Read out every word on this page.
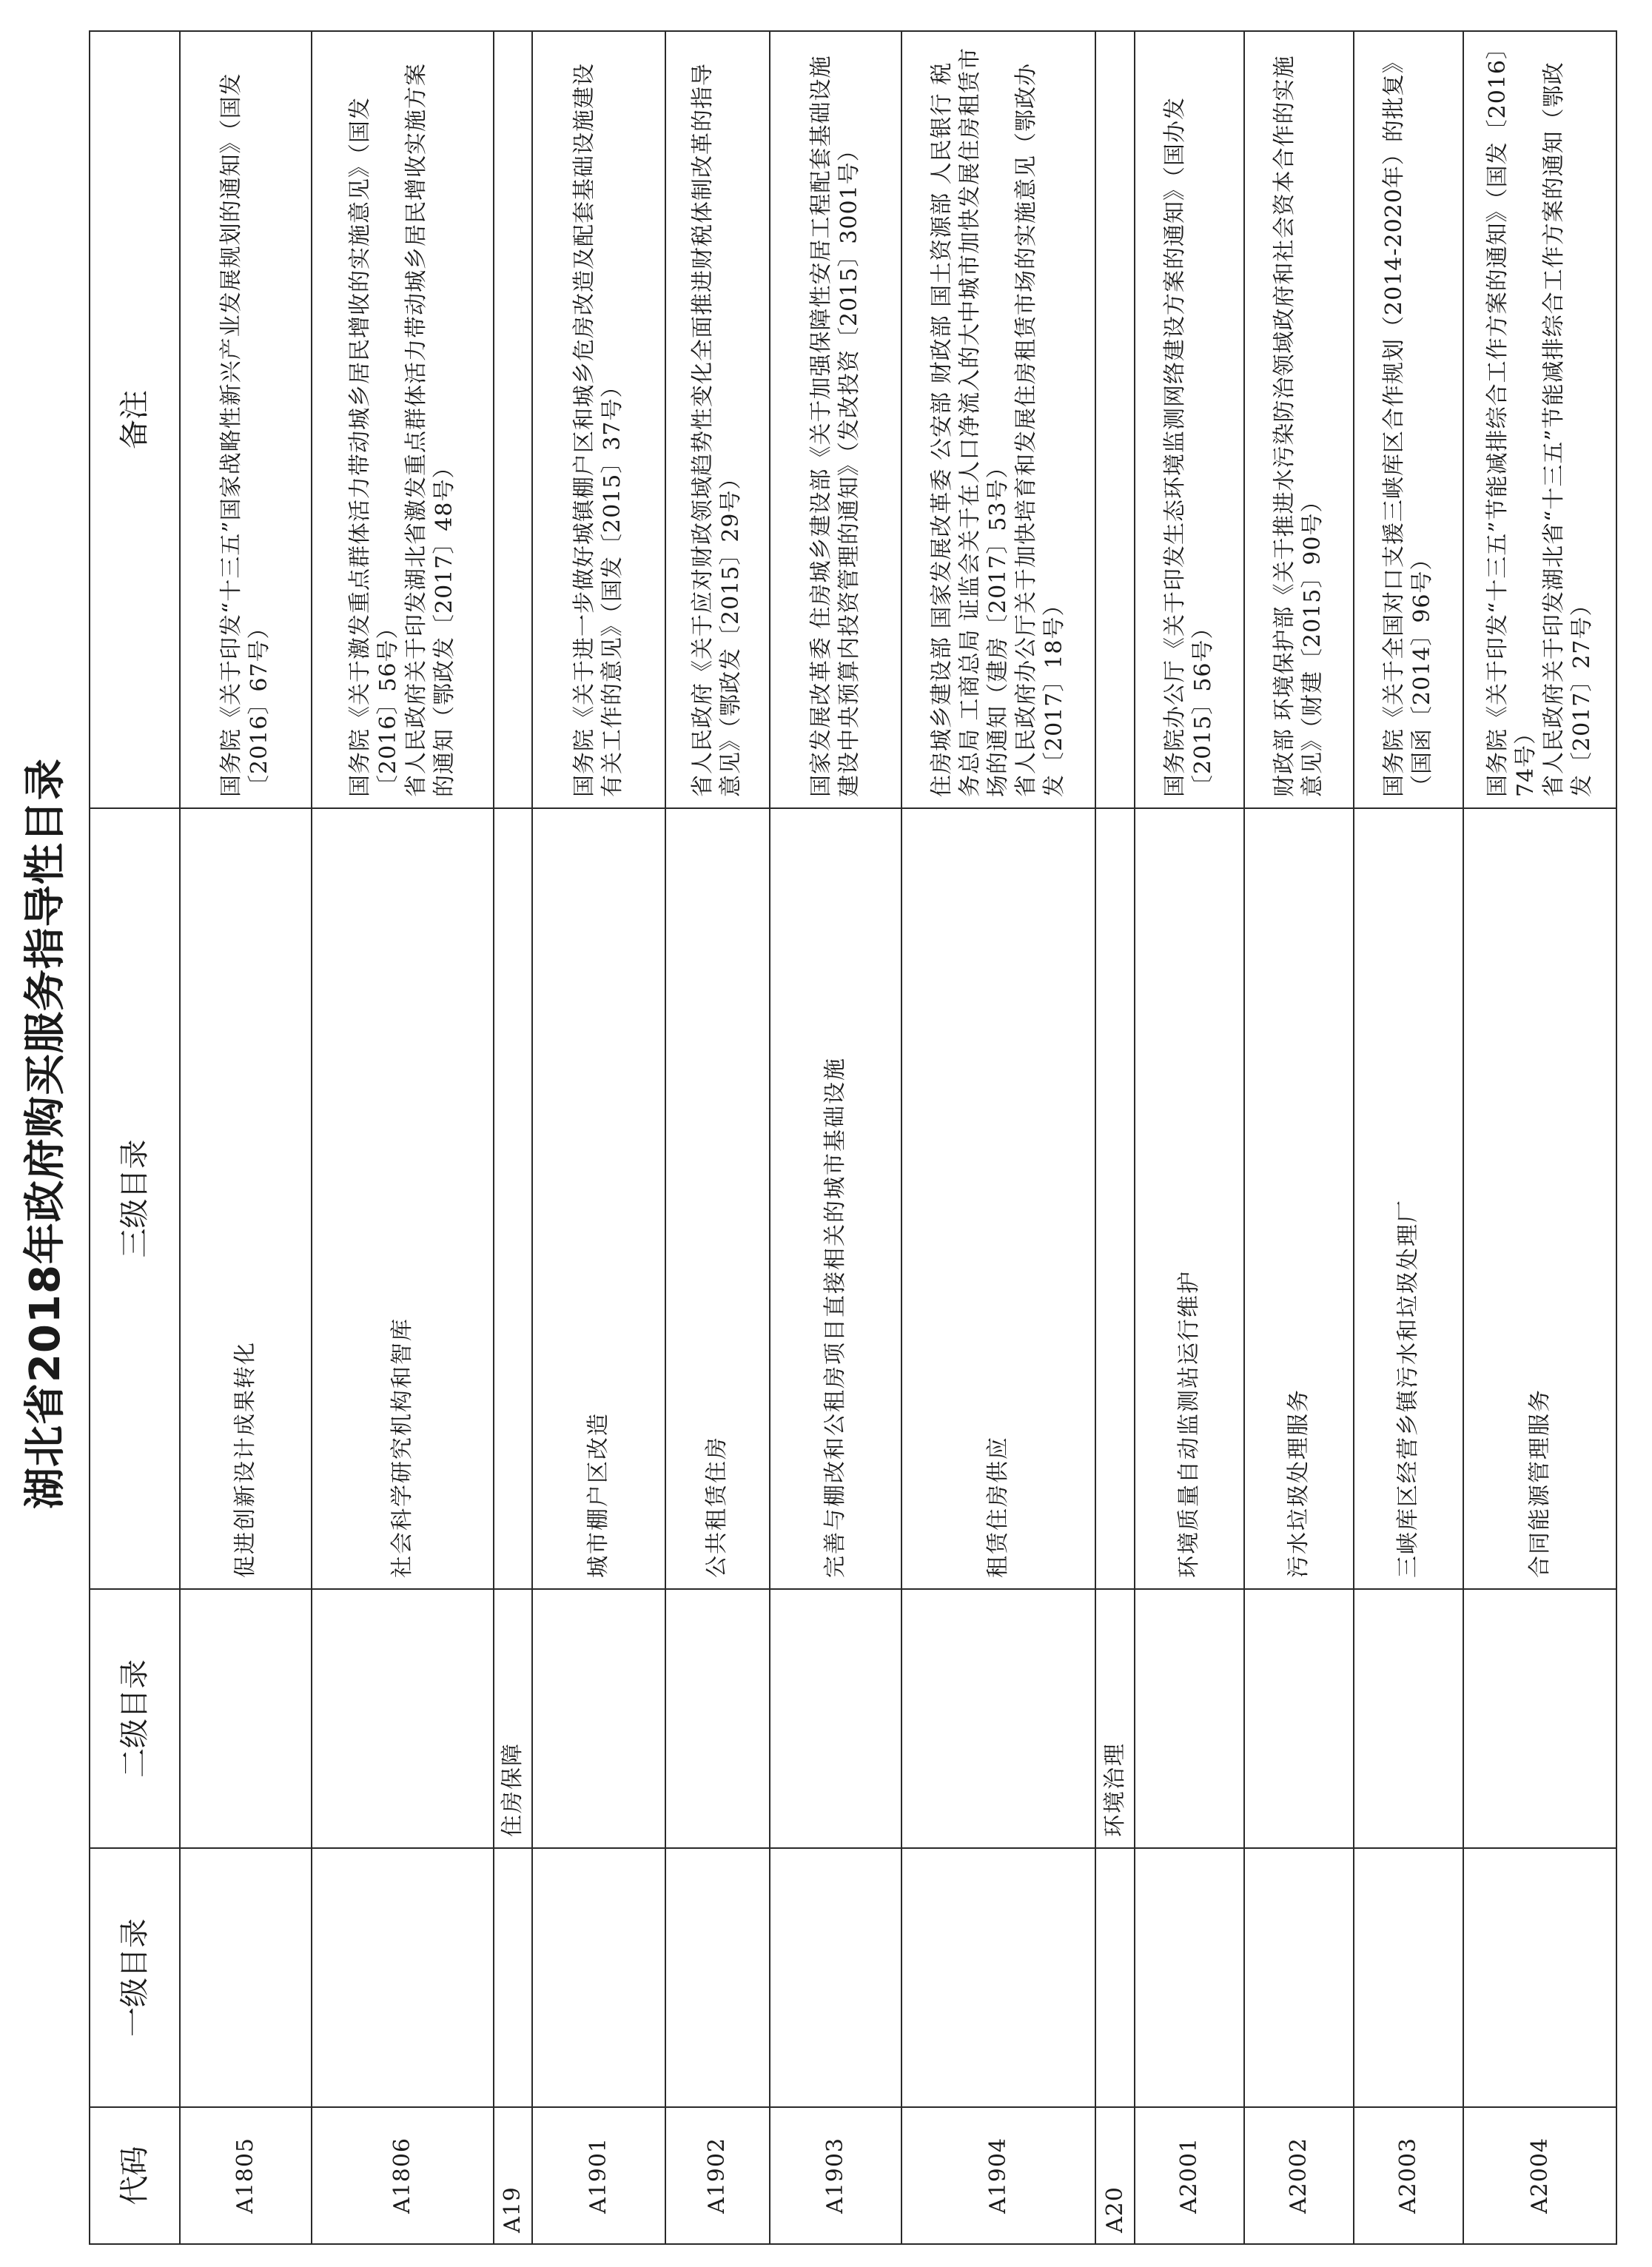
湖北省2018年政府购买服务指导性目录
代码	一级目录	二级目录	三级目录	备注
A1805			促进创新设计成果转化	国务院《关于印发“十三五”国家战略性新兴产业发展规划的通知》（国发〔2016〕67号）

A1806			社会科学研究机构和智库	国务院《关于激发重点群体活力带动城乡居民增收的实施意见》（国发〔2016〕56号） 省人民政府关于印发湖北省激发重点群体活力带动城乡居民增收实施方案的通知（鄂政发〔2017〕48号）

A19		住房保障		
A1901			城市棚户区改造	国务院《关于进一步做好城镇棚户区和城乡危房改造及配套基础设施建设有关工作的意见》（国发〔2015〕37号）

A1902			公共租赁住房	省人民政府《关于应对财政领域趋势性变化全面推进财税体制改革的指导意见》（鄂政发〔2015〕29号）

A1903			完善与棚改和公租房项目直接相关的城市基础设施	国家发展改革委 住房城乡建设部《关于加强保障性安居工程配套基础设施建设中央预算内投资管理的通知》（发改投资〔2015〕3001号）

A1904			租赁住房供应	住房城乡建设部 国家发展改革委 公安部 财政部 国土资源部 人民银行 税务总局 工商总局 证监会关于在人口净流入的大中城市加快发展住房租赁市场的通知（建房〔2017〕53号） 省人民政府办公厅关于加快培育和发展住房租赁市场的实施意见（鄂政办发〔2017〕18号）

A20		环境治理		
A2001			环境质量自动监测站运行维护	国务院办公厅《关于印发生态环境监测网络建设方案的通知》（国办发〔2015〕56号）

A2002			污水垃圾处理服务	财政部 环境保护部《关于推进水污染防治领域政府和社会资本合作的实施意见》（财建〔2015〕90号）

A2003			三峡库区经营乡镇污水和垃圾处理厂	国务院《关于全国对口支援三峡库区合作规划（2014-2020年）的批复》（国函〔2014〕96号）

A2004			合同能源管理服务	国务院《关于印发“十三五”节能减排综合工作方案的通知》（国发〔2016〕74号） 省人民政府关于印发湖北省“十三五”节能减排综合工作方案的通知（鄂政发〔2017〕27号）
